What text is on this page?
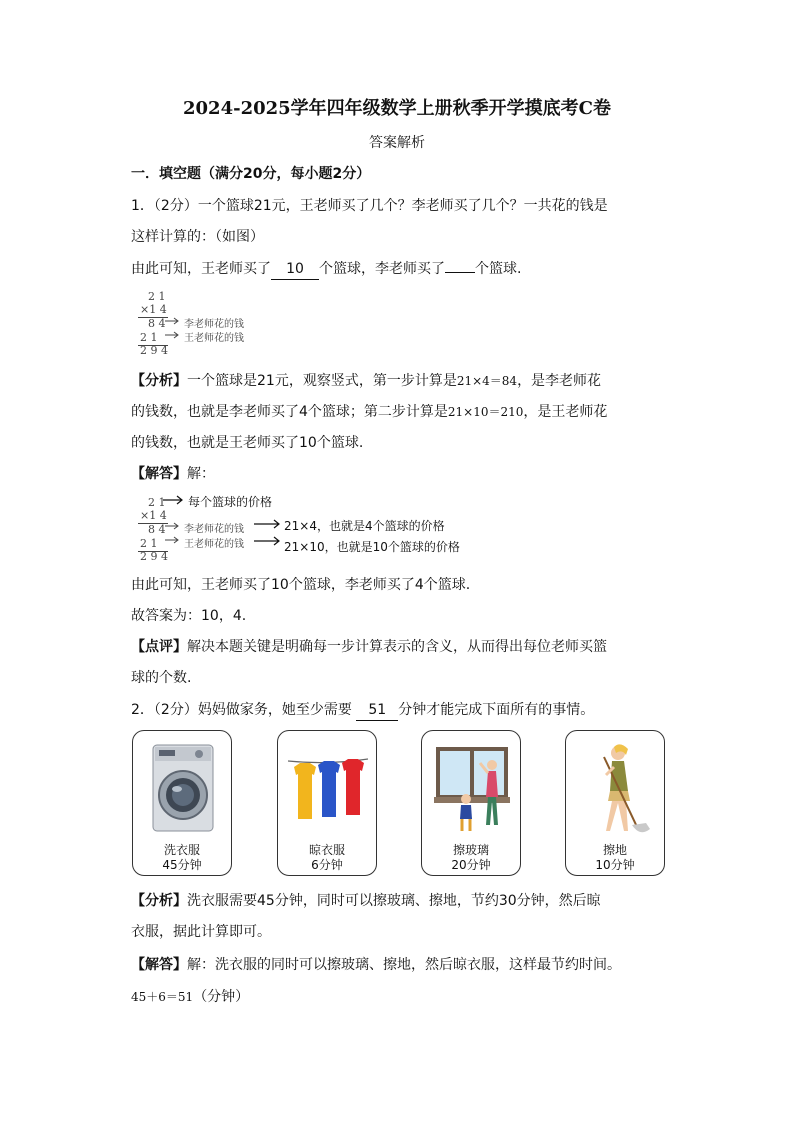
2024-2025学年四年级数学上册秋季开学摸底考C卷
答案解析
一．填空题（满分20分，每小题2分）
1．（2分）一个篮球21元，王老师买了几个？李老师买了几个？一共花的钱是
这样计算的：（如图）
由此可知，王老师买了 10 个篮球，李老师买了 个篮球.
2 1
×1 4
8 4
2 1
2 9 4
李老师花的钱
王老师花的钱
【分析】一个篮球是21元，观察竖式，第一步计算是21×4＝84，是李老师花
的钱数，也就是李老师买了4个篮球；第二步计算是21×10＝210，是王老师花
的钱数，也就是王老师买了10个篮球.
【解答】解：
2 1
×1 4
8 4
2 1
2 9 4
每个篮球的价格
李老师花的钱
王老师花的钱
21×4，也就是4个篮球的价格
21×10，也就是10个篮球的价格
由此可知，王老师买了10个篮球，李老师买了4个篮球.
故答案为：10，4.
【点评】解决本题关键是明确每一步计算表示的含义，从而得出每位老师买篮
球的个数.
2．（2分）妈妈做家务，她至少需要 51 分钟才能完成下面所有的事情。
洗衣服
45分钟
晾衣服
6分钟
擦玻璃
20分钟
擦地
10分钟
【分析】洗衣服需要45分钟，同时可以擦玻璃、擦地，节约30分钟，然后晾
衣服，据此计算即可。
【解答】解：洗衣服的同时可以擦玻璃、擦地，然后晾衣服，这样最节约时间。
45＋6＝51（分钟）
